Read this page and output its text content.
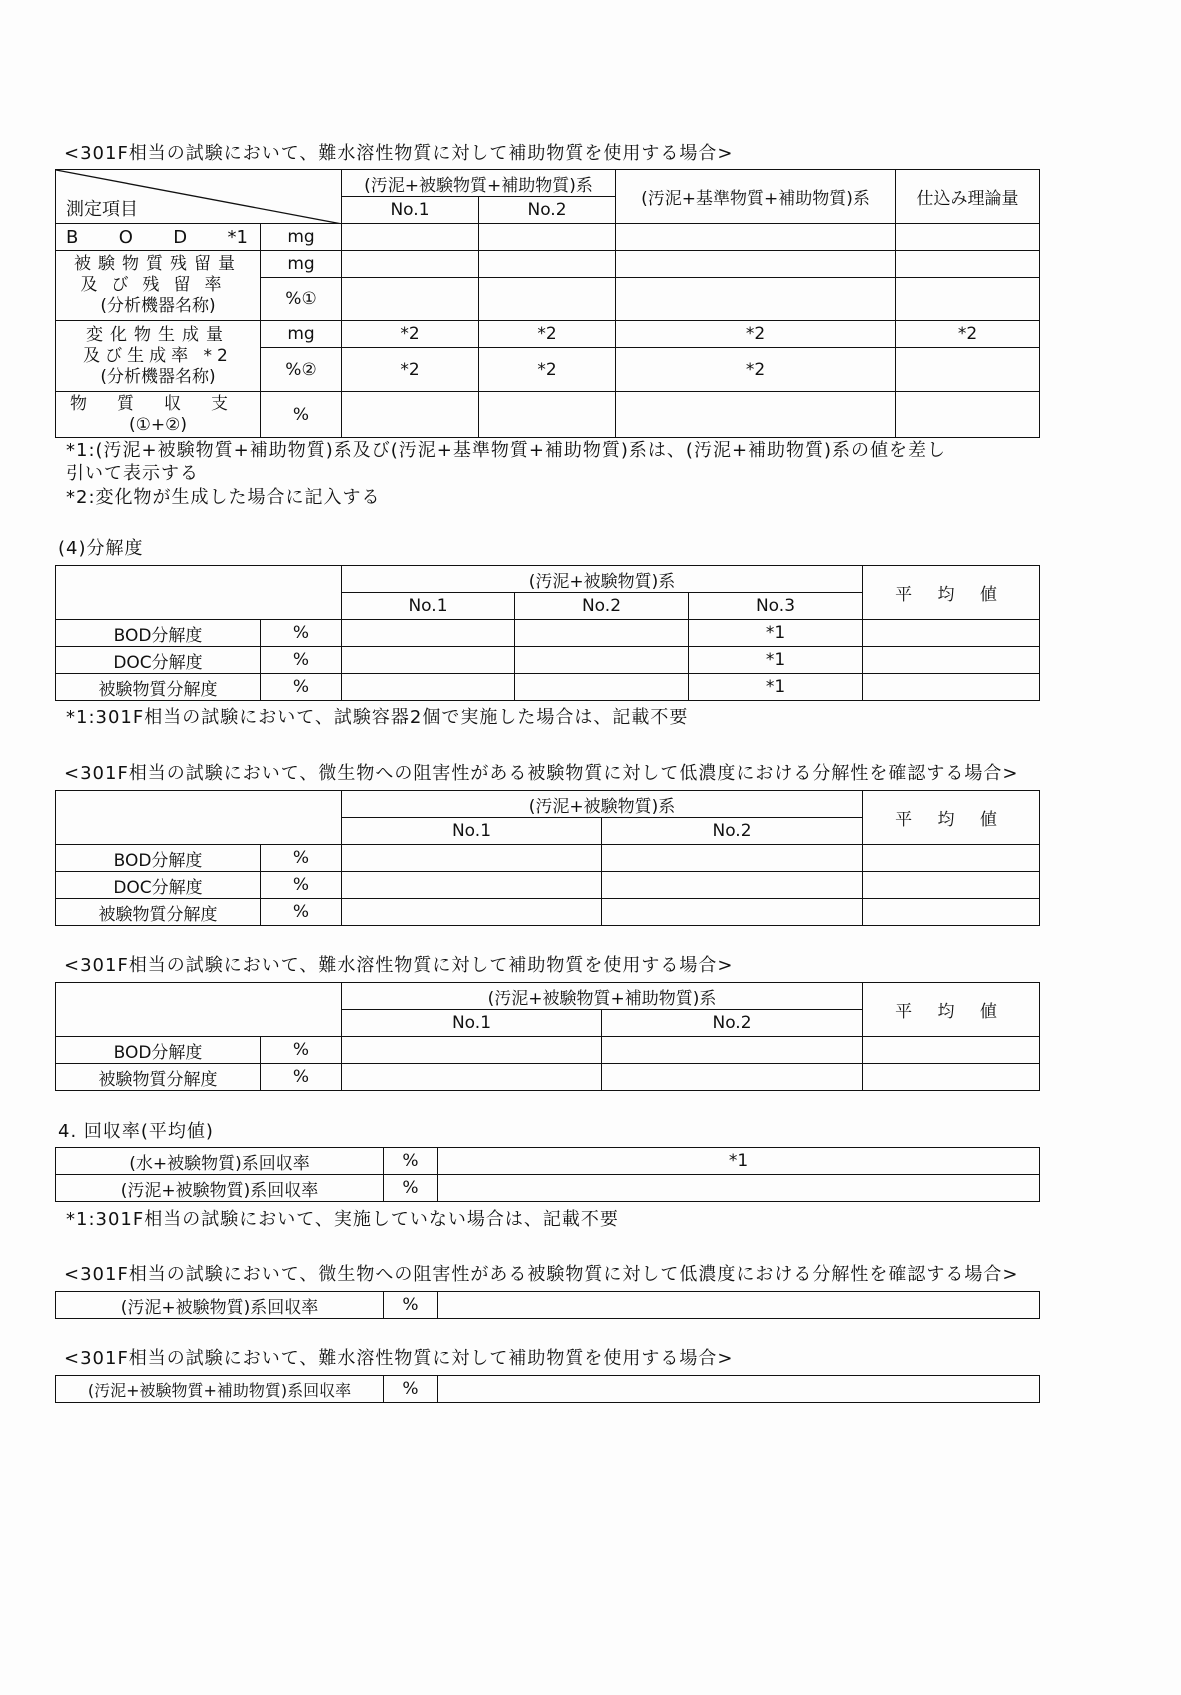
<301F相当の試験において、難水溶性物質に対して補助物質を使用する場合>
測定項目		(汚泥+被験物質+補助物質)系		(汚泥+基準物質+補助物質)系	仕込み理論量
		No.1	No.2		

B O D *1	mg				

被験物質残留量
及び残留率
(分析機器名称)	mg				
	%①				

変化物生成量
及び生成率 *2
(分析機器名称)	mg	*2	*2	*2	*2
	%②	*2	*2	*2	

物質収支
(①+②)	%				
*1:(汚泥+被験物質+補助物質)系及び(汚泥+基準物質+補助物質)系は、(汚泥+補助物質)系の値を差し
引いて表示する
*2:変化物が生成した場合に記入する
(4)分解度
		(汚泥+被験物質)系			平 均 値
		No.1	No.2	No.3	
BOD分解度	%			*1	
DOC分解度	%			*1	
被験物質分解度	%			*1	
*1:301F相当の試験において、試験容器2個で実施した場合は、記載不要
<301F相当の試験において、微生物への阻害性がある被験物質に対して低濃度における分解性を確認する場合>
		(汚泥+被験物質)系		平 均 値
		No.1	No.2	
BOD分解度	%			
DOC分解度	%			
被験物質分解度	%			
<301F相当の試験において、難水溶性物質に対して補助物質を使用する場合>
		(汚泥+被験物質+補助物質)系		平 均 値
		No.1	No.2	
BOD分解度	%			
被験物質分解度	%			
4. 回収率(平均値)
(水+被験物質)系回収率	%	*1
(汚泥+被験物質)系回収率	%	
*1:301F相当の試験において、実施していない場合は、記載不要
<301F相当の試験において、微生物への阻害性がある被験物質に対して低濃度における分解性を確認する場合>
(汚泥+被験物質)系回収率	%	
<301F相当の試験において、難水溶性物質に対して補助物質を使用する場合>
(汚泥+被験物質+補助物質)系回収率	%	
